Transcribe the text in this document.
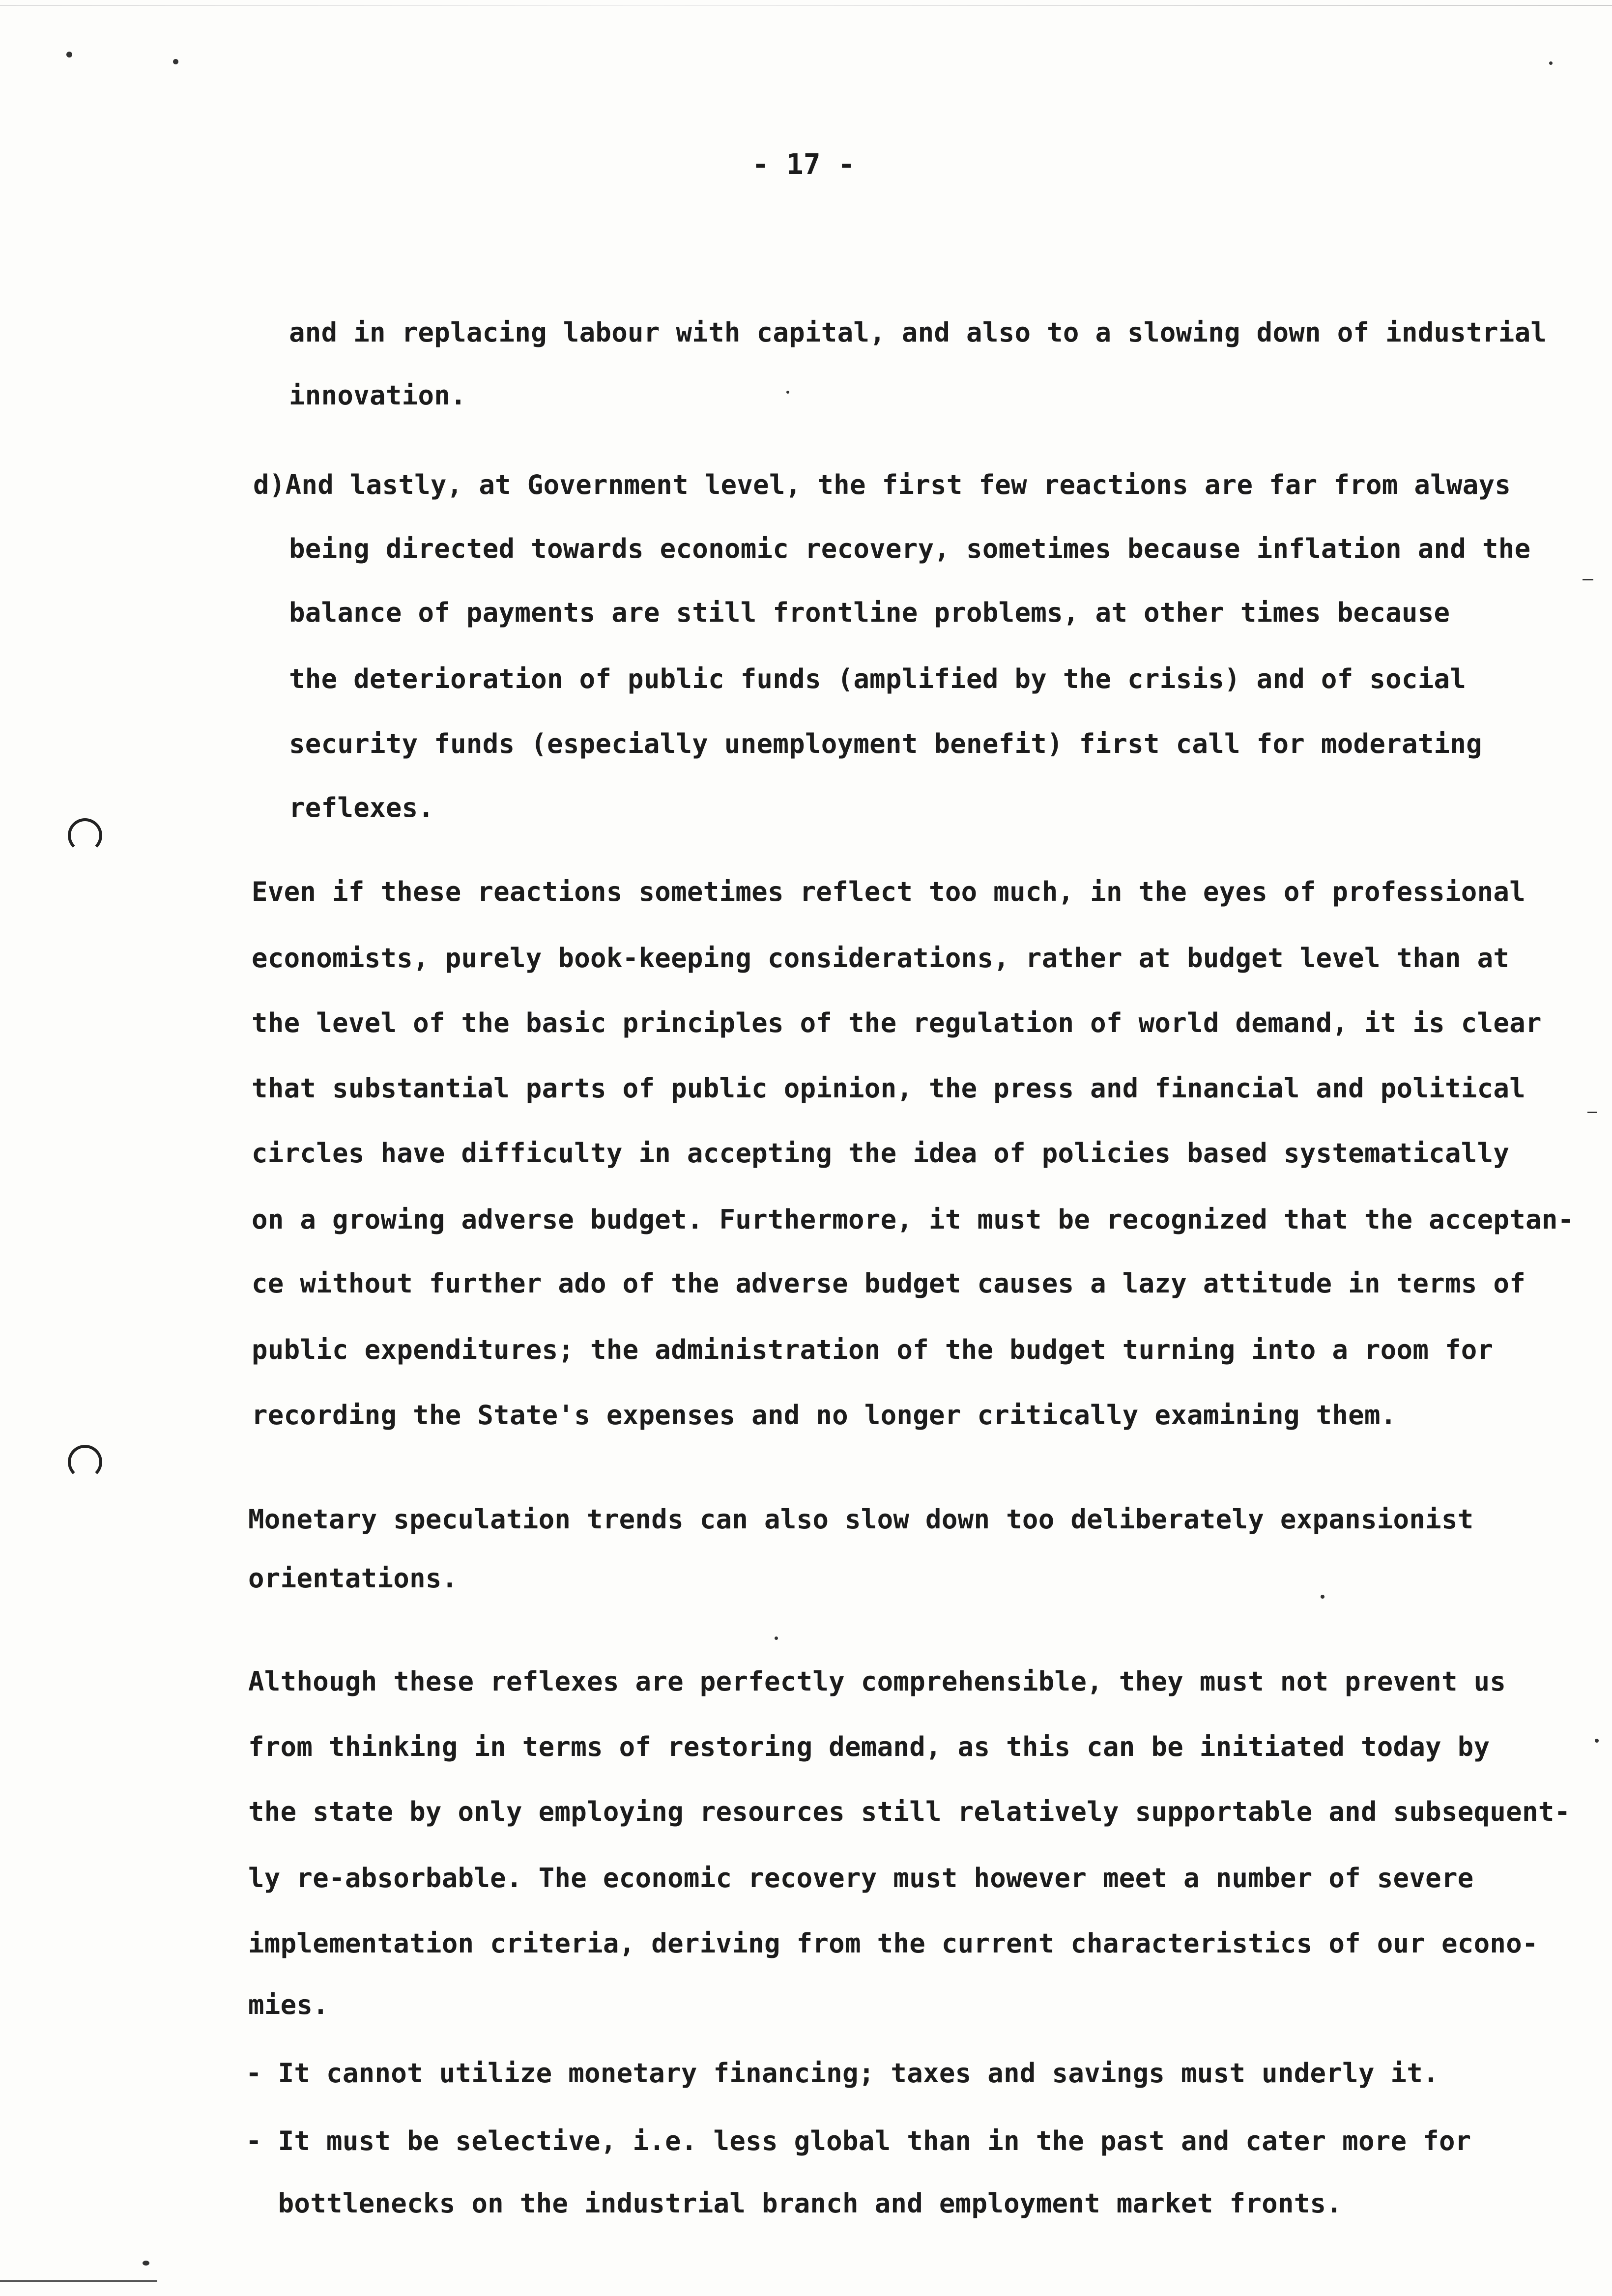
- 17 -
and in replacing labour with capital, and also to a slowing down of industrial
innovation.
d)And lastly, at Government level, the first few reactions are far from always
being directed towards economic recovery, sometimes because inflation and the
balance of payments are still frontline problems, at other times because
the deterioration of public funds (amplified by the crisis) and of social
security funds (especially unemployment benefit) first call for moderating
reflexes.
Even if these reactions sometimes reflect too much, in the eyes of professional
economists, purely book-keeping considerations, rather at budget level than at
the level of the basic principles of the regulation of world demand, it is clear
that substantial parts of public opinion, the press and financial and political
circles have difficulty in accepting the idea of policies based systematically
on a growing adverse budget. Furthermore, it must be recognized that the acceptan-
ce without further ado of the adverse budget causes a lazy attitude in terms of
public expenditures; the administration of the budget turning into a room for
recording the State's expenses and no longer critically examining them.
Monetary speculation trends can also slow down too deliberately expansionist
orientations.
Although these reflexes are perfectly comprehensible, they must not prevent us
from thinking in terms of restoring demand, as this can be initiated today by
the state by only employing resources still relatively supportable and subsequent-
ly re-absorbable. The economic recovery must however meet a number of severe
implementation criteria, deriving from the current characteristics of our econo-
mies.
- It cannot utilize monetary financing; taxes and savings must underly it.
- It must be selective, i.e. less global than in the past and cater more for
bottlenecks on the industrial branch and employment market fronts.
